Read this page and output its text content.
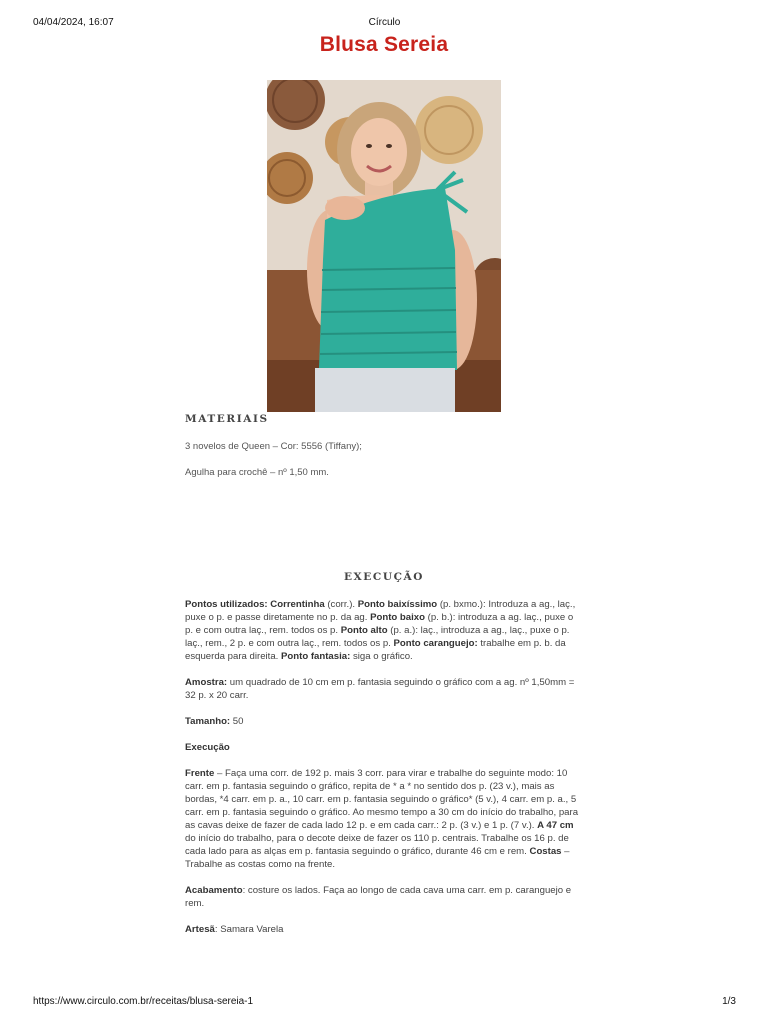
04/04/2024, 16:07	Círculo
Blusa Sereia
MATERIAIS
3 novelos de Queen – Cor: 5556 (Tiffany);
Agulha para crochê – nº 1,50 mm.
EXECUÇÃO

Pontos utilizados: Correntinha (corr.). Ponto baixíssimo (p. bxmo.): Introduza a ag., laç., puxe o p. e passe diretamente no p. da ag. Ponto baixo (p. b.): introduza a ag. laç., puxe o p. e com outra laç., rem. todos os p. Ponto alto (p. a.): laç., introduza a ag., laç., puxe o p. laç., rem., 2 p. e com outra laç., rem. todos os p. Ponto caranguejo: trabalhe em p. b. da esquerda para direita. Ponto fantasia: siga o gráfico.

Amostra: um quadrado de 10 cm em p. fantasia seguindo o gráfico com a ag. nº 1,50mm = 32 p. x 20 carr.

Tamanho: 50

Execução

Frente – Faça uma corr. de 192 p. mais 3 corr. para virar e trabalhe do seguinte modo: 10 carr. em p. fantasia seguindo o gráfico, repita de * a * no sentido dos p. (23 v.), mais as bordas, *4 carr. em p. a., 10 carr. em p. fantasia seguindo o gráfico* (5 v.), 4 carr. em p. a., 5 carr. em p. fantasia seguindo o gráfico. Ao mesmo tempo a 30 cm do início do trabalho, para as cavas deixe de fazer de cada lado 12 p. e em cada carr.: 2 p. (3 v.) e 1 p. (7 v.). A 47 cm do início do trabalho, para o decote deixe de fazer os 110 p. centrais. Trabalhe os 16 p. de cada lado para as alças em p. fantasia seguindo o gráfico, durante 46 cm e rem. Costas – Trabalhe as costas como na frente.

Acabamento: costure os lados. Faça ao longo de cada cava uma carr. em p. caranguejo e rem.

Artesã: Samara Varela

https://www.circulo.com.br/receitas/blusa-sereia-1	1/3
